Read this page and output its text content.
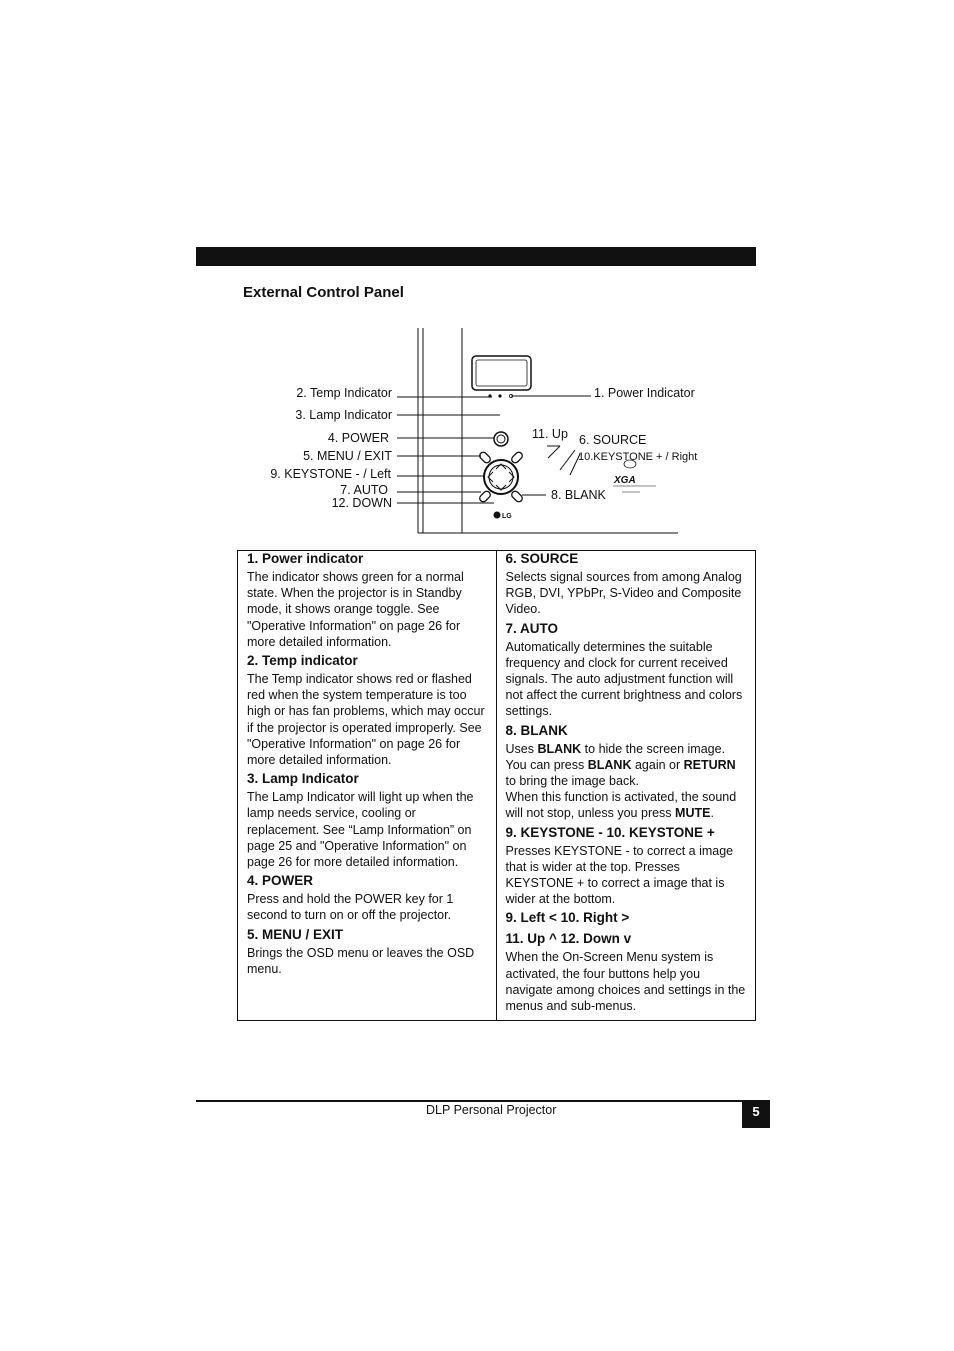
External Control Panel
LG
XGA
2. Temp Indicator
3. Lamp Indicator
4. POWER
5. MENU / EXIT
9. KEYSTONE - / Left
7. AUTO
12. DOWN
1. Power Indicator
11. Up 6. SOURCE
10.KEYSTONE + / Right
8. BLANK
1. Power indicator

The indicator shows green for a normal state. When the projector is in Standby mode, it shows orange toggle. See "Operative Information" on page 26 for more detailed information.

2. Temp indicator

The Temp indicator shows red or flashed red when the system temperature is too high or has fan problems, which may occur if the projector is operated improperly. See "Operative Information" on page 26 for more detailed information.

3. Lamp Indicator

The Lamp Indicator will light up when the lamp needs service, cooling or replacement. See “Lamp Information” on page 25 and "Operative Information" on page 26 for more detailed information.

4. POWER

Press and hold the POWER key for 1 second to turn on or off the projector.

5. MENU / EXIT

Brings the OSD menu or leaves the OSD menu.

6. SOURCE

Selects signal sources from among Analog RGB, DVI, YPbPr, S-Video and Composite Video.

7. AUTO

Automatically determines the suitable frequency and clock for current received signals. The auto adjustment function will not affect the current brightness and colors settings.

8. BLANK

Uses BLANK to hide the screen image. You can press BLANK again or RETURN to bring the image back.
When this function is activated, the sound will not stop, unless you press MUTE.

9. KEYSTONE - 10. KEYSTONE +

Presses KEYSTONE - to correct a image that is wider at the top. Presses KEYSTONE + to correct a image that is wider at the bottom.

9. Left < 10. Right >
11. Up ^ 12. Down v

When the On-Screen Menu system is activated, the four buttons help you navigate among choices and settings in the menus and sub-menus.

DLP Personal Projector	5
